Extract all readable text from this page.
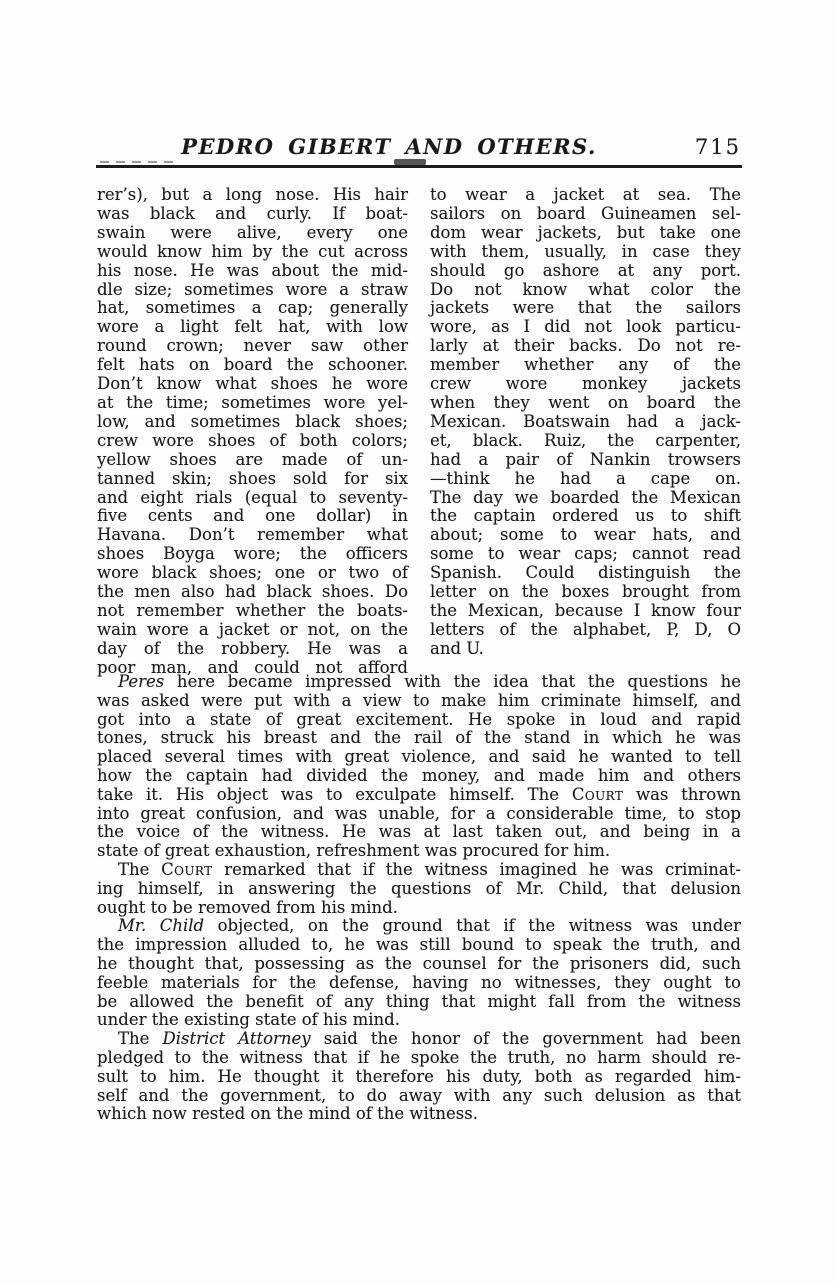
PEDRO GIBERT AND OTHERS.	715
rer’s), but a long nose. His hair
was black and curly. If boat-
swain were alive, every one
would know him by the cut across
his nose. He was about the mid-
dle size; sometimes wore a straw
hat, sometimes a cap; generally
wore a light felt hat, with low
round crown; never saw other
felt hats on board the schooner.
Don’t know what shoes he wore
at the time; sometimes wore yel-
low, and sometimes black shoes;
crew wore shoes of both colors;
yellow shoes are made of un-
tanned skin; shoes sold for six
and eight rials (equal to seventy-
five cents and one dollar) in
Havana. Don’t remember what
shoes Boyga wore; the officers
wore black shoes; one or two of
the men also had black shoes. Do
not remember whether the boats-
wain wore a jacket or not, on the
day of the robbery. He was a
poor man, and could not afford
to wear a jacket at sea. The
sailors on board Guineamen sel-
dom wear jackets, but take one
with them, usually, in case they
should go ashore at any port.
Do not know what color the
jackets were that the sailors
wore, as I did not look particu-
larly at their backs. Do not re-
member whether any of the
crew wore monkey jackets
when they went on board the
Mexican. Boatswain had a jack-
et, black. Ruiz, the carpenter,
had a pair of Nankin trowsers
—think he had a cape on.
The day we boarded the Mexican
the captain ordered us to shift
about; some to wear hats, and
some to wear caps; cannot read
Spanish. Could distinguish the
letter on the boxes brought from
the Mexican, because I know four
letters of the alphabet, P, D, O
and U.
Peres here became impressed with the idea that the questions he
was asked were put with a view to make him criminate himself, and
got into a state of great excitement. He spoke in loud and rapid
tones, struck his breast and the rail of the stand in which he was
placed several times with great violence, and said he wanted to tell
how the captain had divided the money, and made him and others
take it. His object was to exculpate himself. The Court was thrown
into great confusion, and was unable, for a considerable time, to stop
the voice of the witness. He was at last taken out, and being in a
state of great exhaustion, refreshment was procured for him.
The Court remarked that if the witness imagined he was criminat-
ing himself, in answering the questions of Mr. Child, that delusion
ought to be removed from his mind.
Mr. Child objected, on the ground that if the witness was under
the impression alluded to, he was still bound to speak the truth, and
he thought that, possessing as the counsel for the prisoners did, such
feeble materials for the defense, having no witnesses, they ought to
be allowed the benefit of any thing that might fall from the witness
under the existing state of his mind.
The District Attorney said the honor of the government had been
pledged to the witness that if he spoke the truth, no harm should re-
sult to him. He thought it therefore his duty, both as regarded him-
self and the government, to do away with any such delusion as that
which now rested on the mind of the witness.
